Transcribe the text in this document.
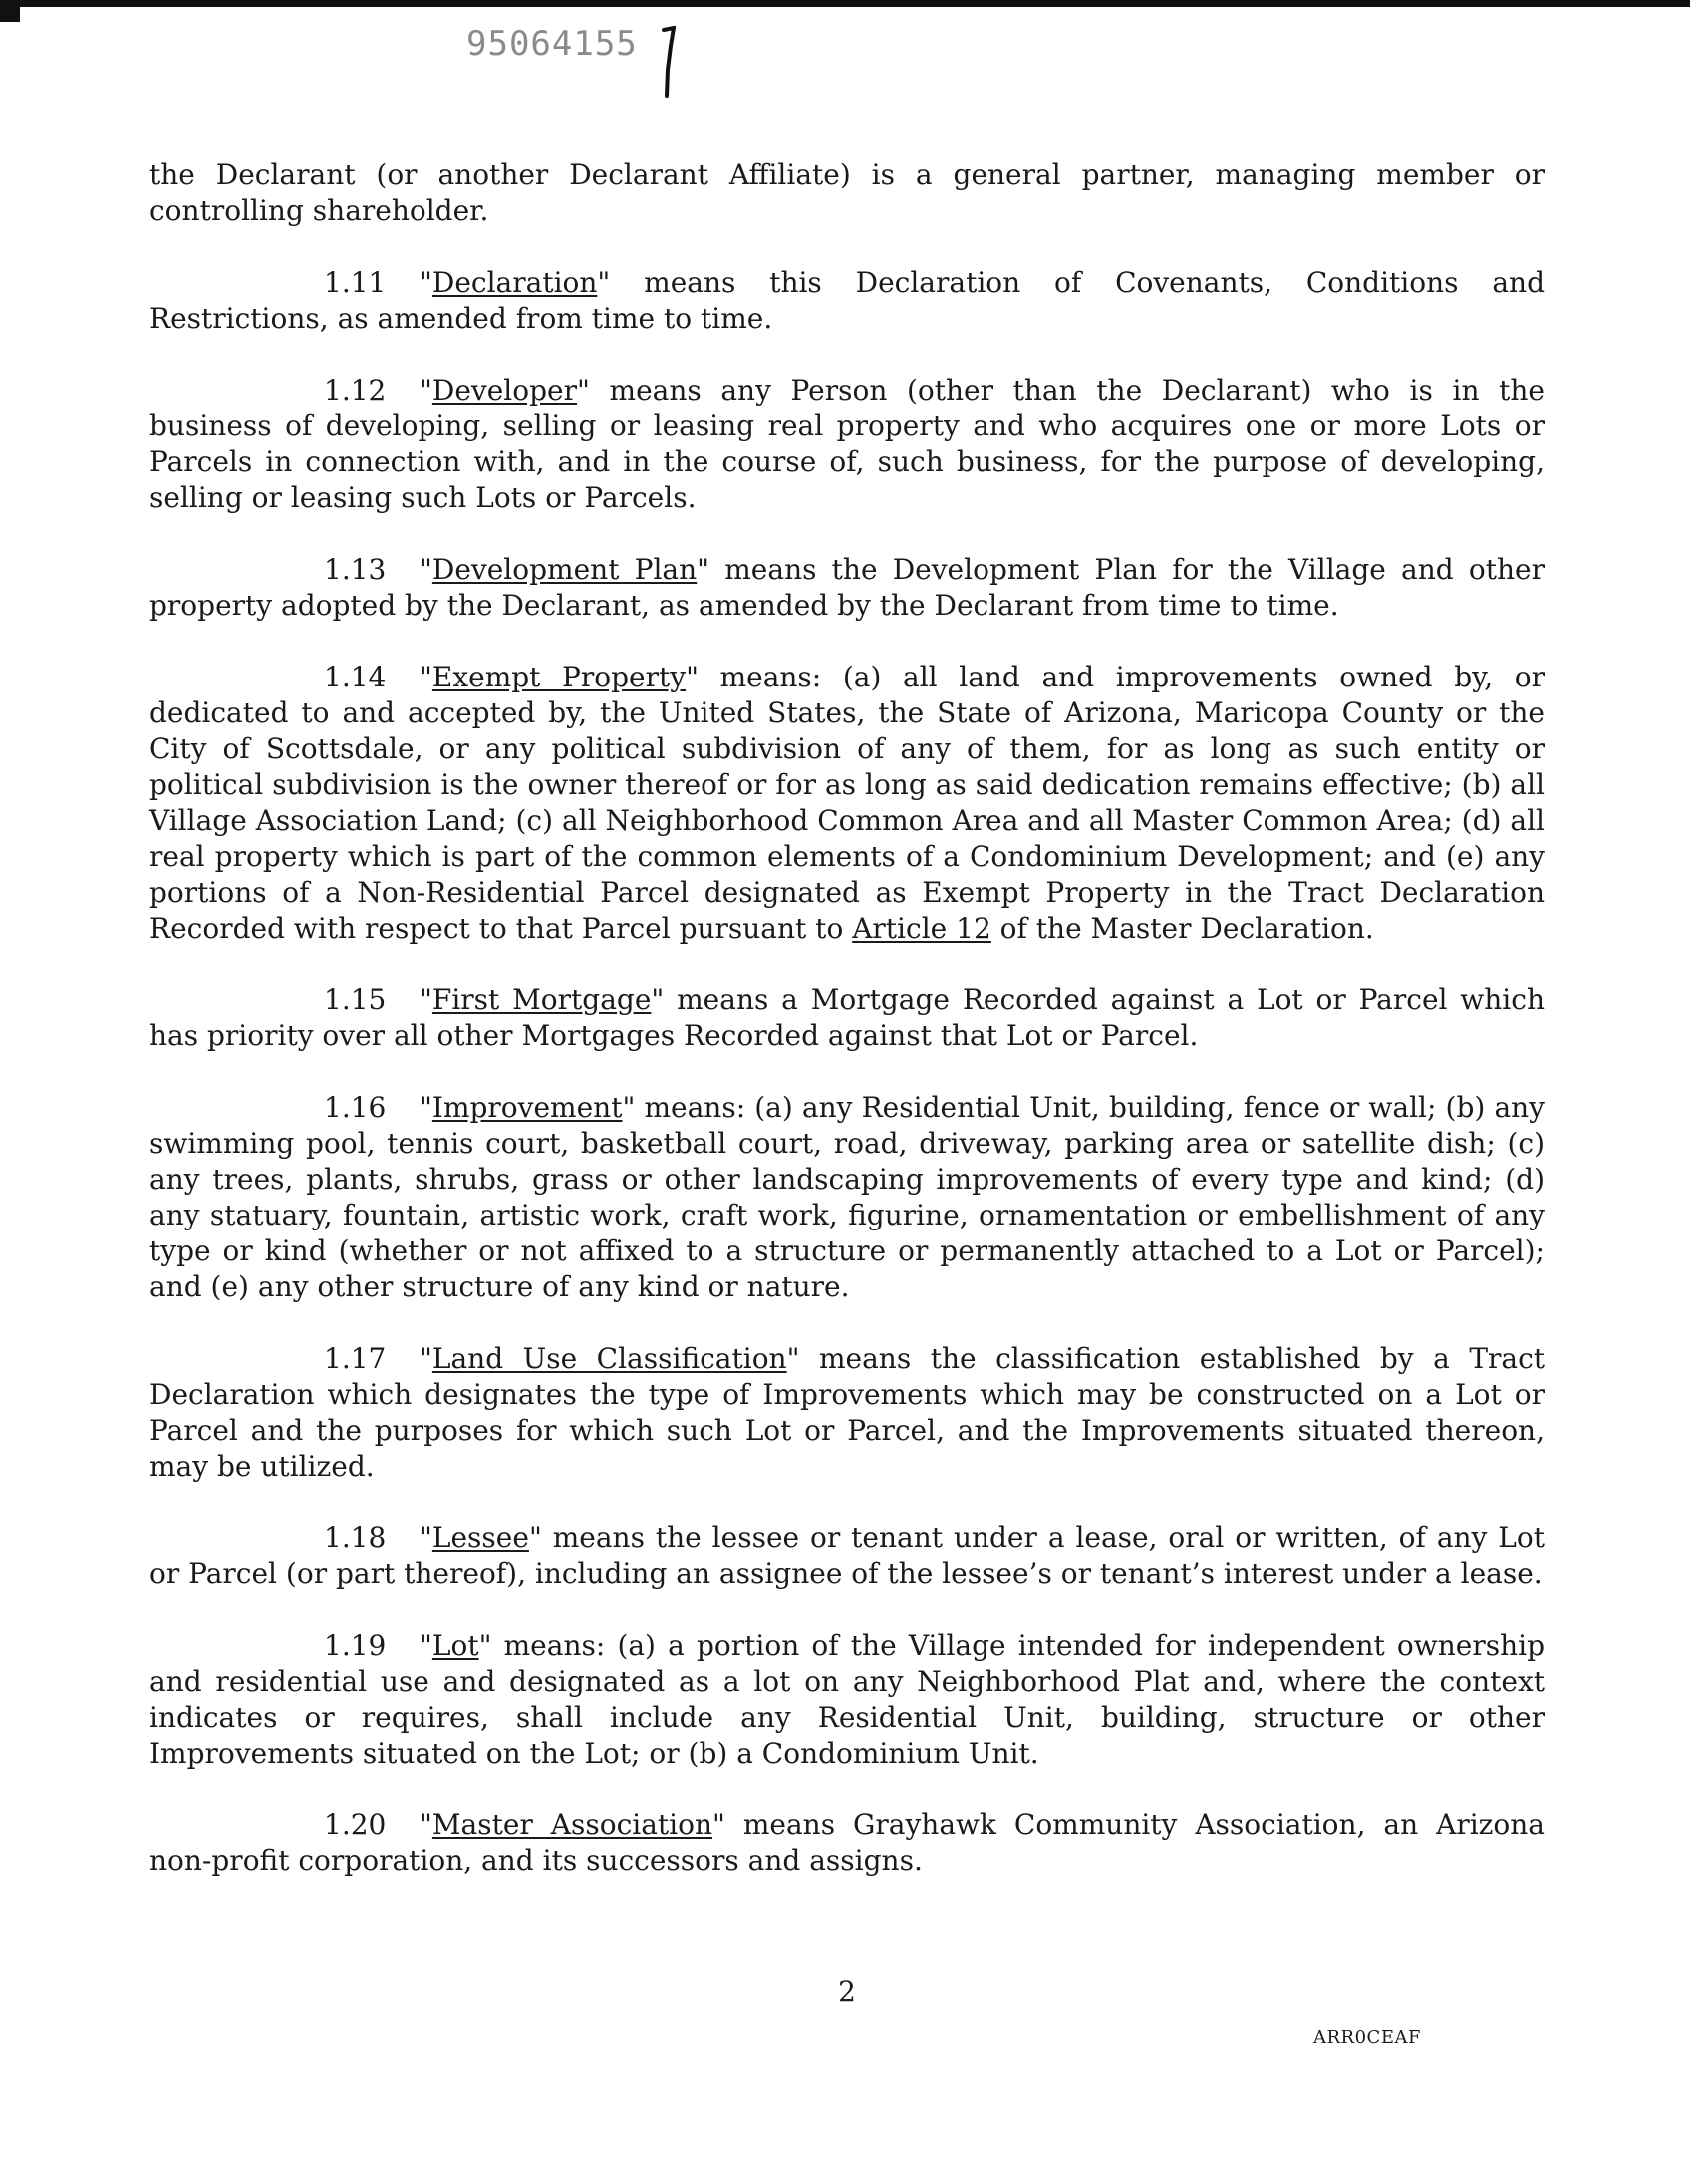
95064155

the Declarant (or another Declarant Affiliate) is a general partner, managing member or controlling shareholder.

1.11 "Declaration" means this Declaration of Covenants, Conditions and Restrictions, as amended from time to time.

1.12 "Developer" means any Person (other than the Declarant) who is in the business of developing, selling or leasing real property and who acquires one or more Lots or Parcels in connection with, and in the course of, such business, for the purpose of developing, selling or leasing such Lots or Parcels.

1.13 "Development Plan" means the Development Plan for the Village and other property adopted by the Declarant, as amended by the Declarant from time to time.

1.14 "Exempt Property" means: (a) all land and improvements owned by, or dedicated to and accepted by, the United States, the State of Arizona, Maricopa County or the City of Scottsdale, or any political subdivision of any of them, for as long as such entity or political subdivision is the owner thereof or for as long as said dedication remains effective; (b) all Village Association Land; (c) all Neighborhood Common Area and all Master Common Area; (d) all real property which is part of the common elements of a Condominium Development; and (e) any portions of a Non-Residential Parcel designated as Exempt Property in the Tract Declaration Recorded with respect to that Parcel pursuant to Article 12 of the Master Declaration.

1.15 "First Mortgage" means a Mortgage Recorded against a Lot or Parcel which has priority over all other Mortgages Recorded against that Lot or Parcel.

1.16 "Improvement" means: (a) any Residential Unit, building, fence or wall; (b) any swimming pool, tennis court, basketball court, road, driveway, parking area or satellite dish; (c) any trees, plants, shrubs, grass or other landscaping improvements of every type and kind; (d) any statuary, fountain, artistic work, craft work, figurine, ornamentation or embellishment of any type or kind (whether or not affixed to a structure or permanently attached to a Lot or Parcel); and (e) any other structure of any kind or nature.

1.17 "Land Use Classification" means the classification established by a Tract Declaration which designates the type of Improvements which may be constructed on a Lot or Parcel and the purposes for which such Lot or Parcel, and the Improvements situated thereon, may be utilized.

1.18 "Lessee" means the lessee or tenant under a lease, oral or written, of any Lot or Parcel (or part thereof), including an assignee of the lessee’s or tenant’s interest under a lease.

1.19 "Lot" means: (a) a portion of the Village intended for independent ownership and residential use and designated as a lot on any Neighborhood Plat and, where the context indicates or requires, shall include any Residential Unit, building, structure or other Improvements situated on the Lot; or (b) a Condominium Unit.

1.20 "Master Association" means Grayhawk Community Association, an Arizona non-profit corporation, and its successors and assigns.

2
ARR0CEAF
